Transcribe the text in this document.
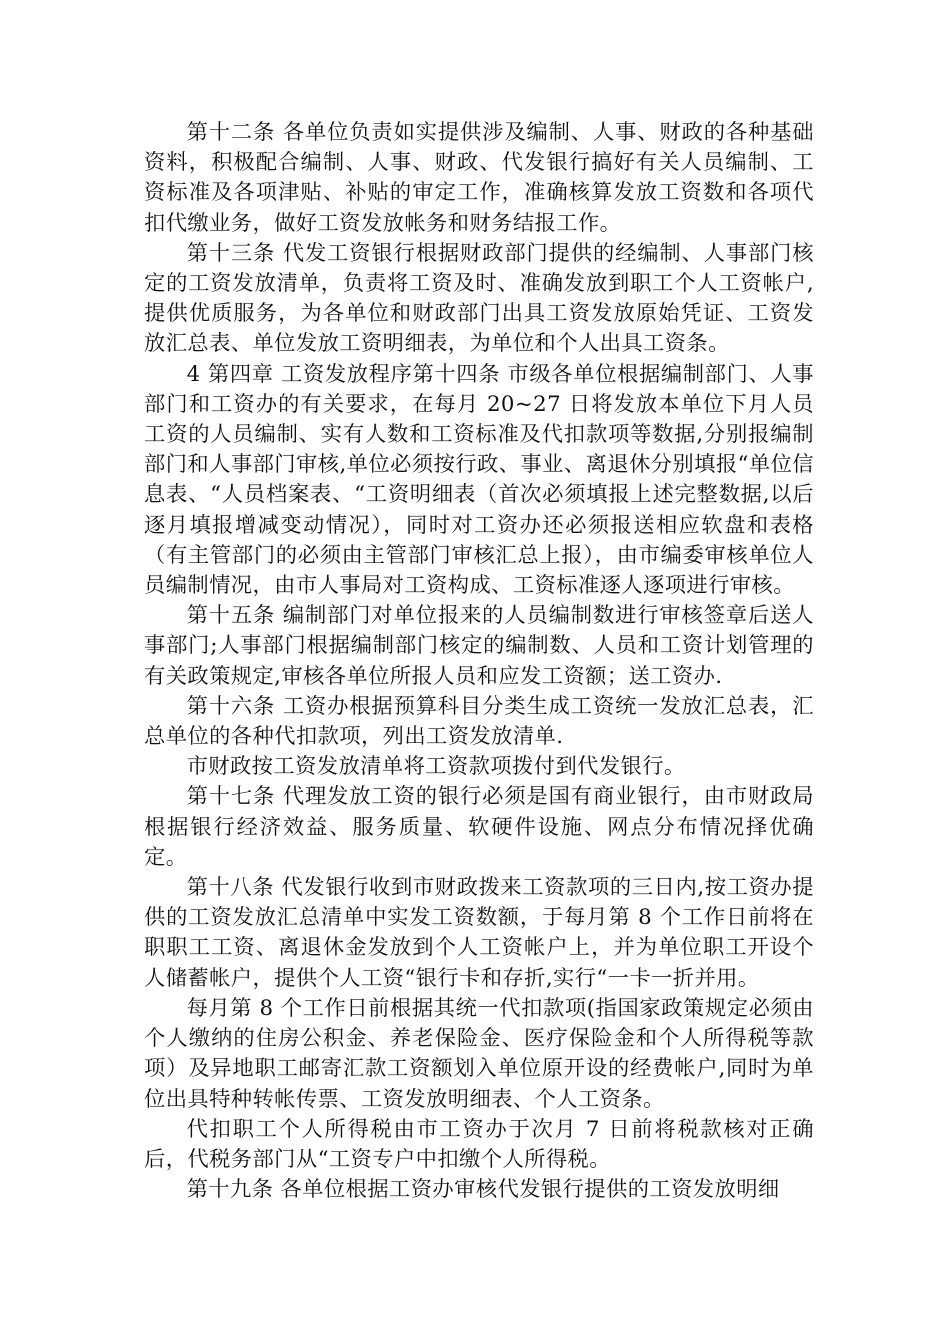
第十二条 各单位负责如实提供涉及编制、人事、财政的各种基础资料，积极配合编制、人事、财政、代发银行搞好有关人员编制、工资标准及各项津贴、补贴的审定工作，准确核算发放工资数和各项代扣代缴业务，做好工资发放帐务和财务结报工作。

第十三条 代发工资银行根据财政部门提供的经编制、人事部门核定的工资发放清单，负责将工资及时、准确发放到职工个人工资帐户,提供优质服务，为各单位和财政部门出具工资发放原始凭证、工资发放汇总表、单位发放工资明细表，为单位和个人出具工资条。

4 第四章 工资发放程序第十四条 市级各单位根据编制部门、人事部门和工资办的有关要求，在每月 20~27 日将发放本单位下月人员工资的人员编制、实有人数和工资标准及代扣款项等数据,分别报编制部门和人事部门审核,单位必须按行政、事业、离退休分别填报“单位信息表、“人员档案表、“工资明细表（首次必须填报上述完整数据,以后逐月填报增减变动情况），同时对工资办还必须报送相应软盘和表格（有主管部门的必须由主管部门审核汇总上报），由市编委审核单位人员编制情况，由市人事局对工资构成、工资标准逐人逐项进行审核。

第十五条 编制部门对单位报来的人员编制数进行审核签章后送人事部门;人事部门根据编制部门核定的编制数、人员和工资计划管理的有关政策规定,审核各单位所报人员和应发工资额；送工资办.

第十六条 工资办根据预算科目分类生成工资统一发放汇总表，汇总单位的各种代扣款项，列出工资发放清单.

市财政按工资发放清单将工资款项拨付到代发银行。

第十七条 代理发放工资的银行必须是国有商业银行，由市财政局根据银行经济效益、服务质量、软硬件设施、网点分布情况择优确定。

第十八条 代发银行收到市财政拨来工资款项的三日内,按工资办提供的工资发放汇总清单中实发工资数额，于每月第 8 个工作日前将在职职工工资、离退休金发放到个人工资帐户上，并为单位职工开设个人储蓄帐户，提供个人工资“银行卡和存折,实行“一卡一折并用。

每月第 8 个工作日前根据其统一代扣款项(指国家政策规定必须由个人缴纳的住房公积金、养老保险金、医疗保险金和个人所得税等款项）及异地职工邮寄汇款工资额划入单位原开设的经费帐户,同时为单位出具特种转帐传票、工资发放明细表、个人工资条。

代扣职工个人所得税由市工资办于次月 7 日前将税款核对正确后，代税务部门从“工资专户中扣缴个人所得税。

第十九条 各单位根据工资办审核代发银行提供的工资发放明细
